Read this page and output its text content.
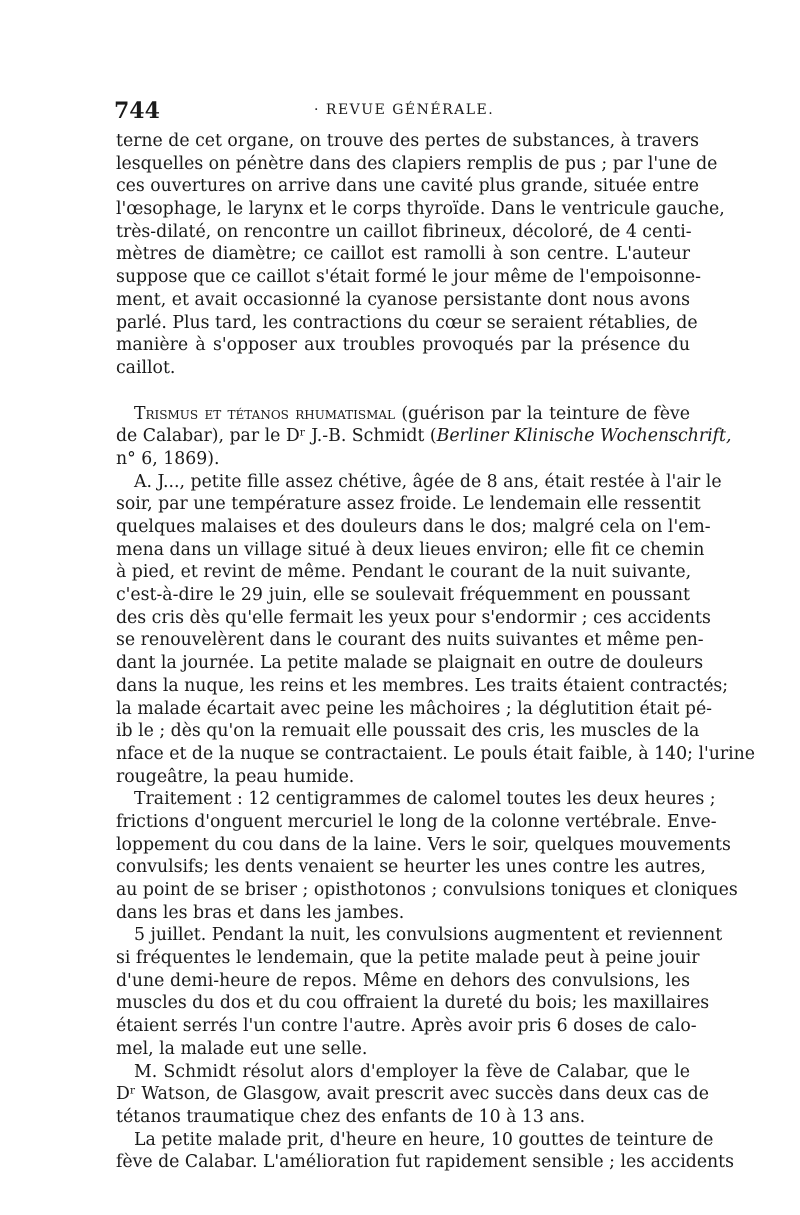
744	· REVUE GÉNÉRALE.
terne de cet organe, on trouve des pertes de substances, à travers
lesquelles on pénètre dans des clapiers remplis de pus ; par l'une de
ces ouvertures on arrive dans une cavité plus grande, située entre
l'œsophage, le larynx et le corps thyroïde. Dans le ventricule gauche,
très-dilaté, on rencontre un caillot fibrineux, décoloré, de 4 centi-
mètres de diamètre; ce caillot est ramolli à son centre. L'auteur
suppose que ce caillot s'était formé le jour même de l'empoisonne-
ment, et avait occasionné la cyanose persistante dont nous avons
parlé. Plus tard, les contractions du cœur se seraient rétablies, de
manière à s'opposer aux troubles provoqués par la présence du
caillot.
Trismus et tétanos rhumatismal (guérison par la teinture de fève
de Calabar), par le Dʳ J.-B. Schmidt (Berliner Klinische Wochenschrift,
n° 6, 1869).
A. J..., petite fille assez chétive, âgée de 8 ans, était restée à l'air le
soir, par une température assez froide. Le lendemain elle ressentit
quelques malaises et des douleurs dans le dos; malgré cela on l'em-
mena dans un village situé à deux lieues environ; elle fit ce chemin
à pied, et revint de même. Pendant le courant de la nuit suivante,
c'est-à-dire le 29 juin, elle se soulevait fréquemment en poussant
des cris dès qu'elle fermait les yeux pour s'endormir ; ces accidents
se renouvelèrent dans le courant des nuits suivantes et même pen-
dant la journée. La petite malade se plaignait en outre de douleurs
dans la nuque, les reins et les membres. Les traits étaient contractés;
la malade écartait avec peine les mâchoires ; la déglutition était pé-
ib le ; dès qu'on la remuait elle poussait des cris, les muscles de la
nface et de la nuque se contractaient. Le pouls était faible, à 140; l'urine
rougeâtre, la peau humide.
Traitement : 12 centigrammes de calomel toutes les deux heures ;
frictions d'onguent mercuriel le long de la colonne vertébrale. Enve-
loppement du cou dans de la laine. Vers le soir, quelques mouvements
convulsifs; les dents venaient se heurter les unes contre les autres,
au point de se briser ; opisthotonos ; convulsions toniques et cloniques
dans les bras et dans les jambes.
5 juillet. Pendant la nuit, les convulsions augmentent et reviennent
si fréquentes le lendemain, que la petite malade peut à peine jouir
d'une demi-heure de repos. Même en dehors des convulsions, les
muscles du dos et du cou offraient la dureté du bois; les maxillaires
étaient serrés l'un contre l'autre. Après avoir pris 6 doses de calo-
mel, la malade eut une selle.
M. Schmidt résolut alors d'employer la fève de Calabar, que le
Dʳ Watson, de Glasgow, avait prescrit avec succès dans deux cas de
tétanos traumatique chez des enfants de 10 à 13 ans.
La petite malade prit, d'heure en heure, 10 gouttes de teinture de
fève de Calabar. L'amélioration fut rapidement sensible ; les accidents
